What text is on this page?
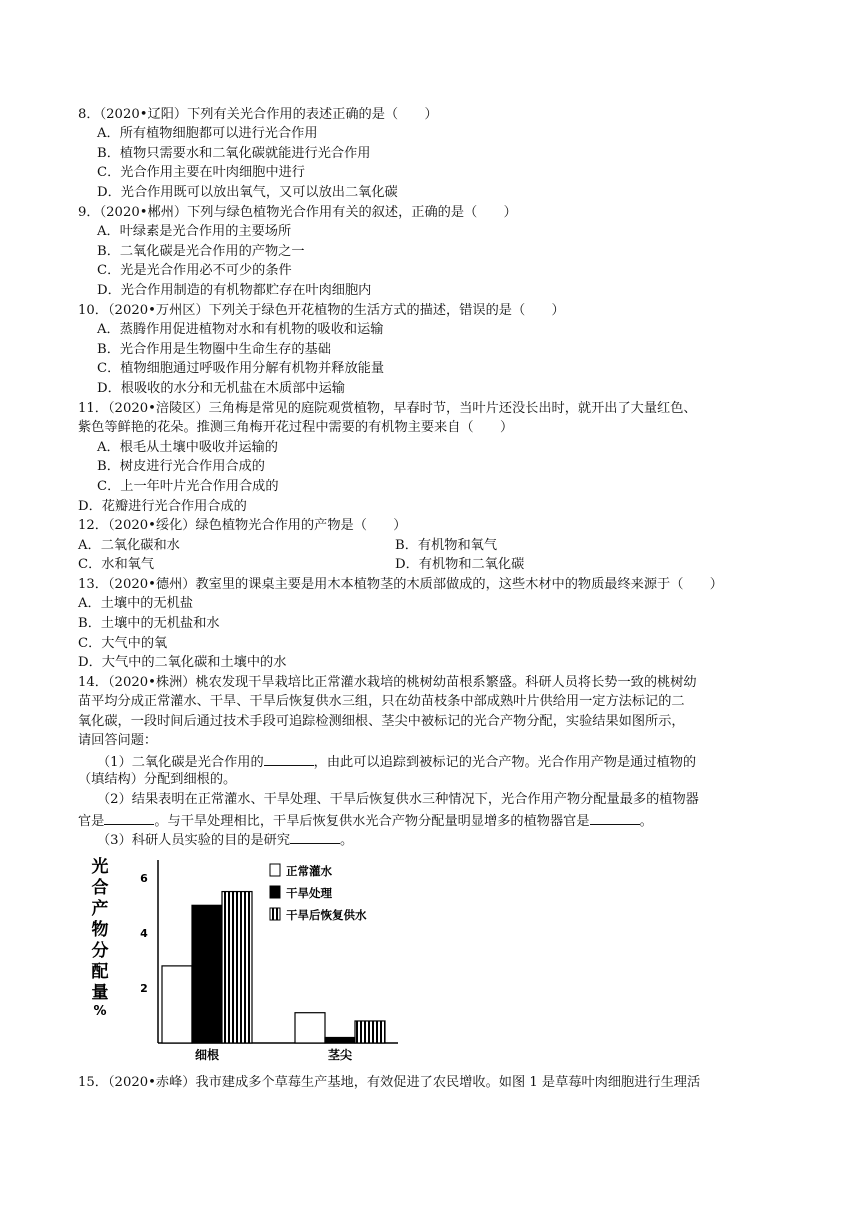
8．（2020•辽阳）下列有关光合作用的表述正确的是（　　）
A．所有植物细胞都可以进行光合作用
B．植物只需要水和二氧化碳就能进行光合作用
C．光合作用主要在叶肉细胞中进行
D．光合作用既可以放出氧气，又可以放出二氧化碳
9．（2020•郴州）下列与绿色植物光合作用有关的叙述，正确的是（　　）
A．叶绿素是光合作用的主要场所
B．二氧化碳是光合作用的产物之一
C．光是光合作用必不可少的条件
D．光合作用制造的有机物都贮存在叶肉细胞内
10．（2020•万州区）下列关于绿色开花植物的生活方式的描述，错误的是（　　）
A．蒸腾作用促进植物对水和有机物的吸收和运输
B．光合作用是生物圈中生命生存的基础
C．植物细胞通过呼吸作用分解有机物并释放能量
D．根吸收的水分和无机盐在木质部中运输
11．（2020•涪陵区）三角梅是常见的庭院观赏植物，早春时节，当叶片还没长出时，就开出了大量红色、
紫色等鲜艳的花朵。推测三角梅开花过程中需要的有机物主要来自（　　）
A．根毛从土壤中吸收并运输的
B．树皮进行光合作用合成的
C．上一年叶片光合作用合成的
D．花瓣进行光合作用合成的
12．（2020•绥化）绿色植物光合作用的产物是（　　）
A．二氧化碳和水	B．有机物和氧气
C．水和氧气	D．有机物和二氧化碳
13．（2020•德州）教室里的课桌主要是用木本植物茎的木质部做成的，这些木材中的物质最终来源于（　　）
A．土壤中的无机盐
B．土壤中的无机盐和水
C．大气中的氧
D．大气中的二氧化碳和土壤中的水
14．（2020•株洲）桃农发现干旱栽培比正常灌水栽培的桃树幼苗根系繁盛。科研人员将长势一致的桃树幼
苗平均分成正常灌水、干旱、干旱后恢复供水三组，只在幼苗枝条中部成熟叶片供给用一定方法标记的二
氧化碳，一段时间后通过技术手段可追踪检测细根、茎尖中被标记的光合产物分配，实验结果如图所示，
请回答问题：
（1）二氧化碳是光合作用的	，由此可以追踪到被标记的光合产物。光合作用产物是通过植物的
（填结构）分配到细根的。
（2）结果表明在正常灌水、干旱处理、干旱后恢复供水三种情况下，光合作用产物分配量最多的植物器
官是	。与干旱处理相比，干旱后恢复供水光合产物分配量明显增多的植物器官是	。
（3）科研人员实验的目的是研究	。
光
合
产
物
分
配
量
%
2
4
6
正常灌水
干旱处理
干旱后恢复供水
细根	茎尖
15．（2020•赤峰）我市建成多个草莓生产基地，有效促进了农民增收。如图 1 是草莓叶肉细胞进行生理活
